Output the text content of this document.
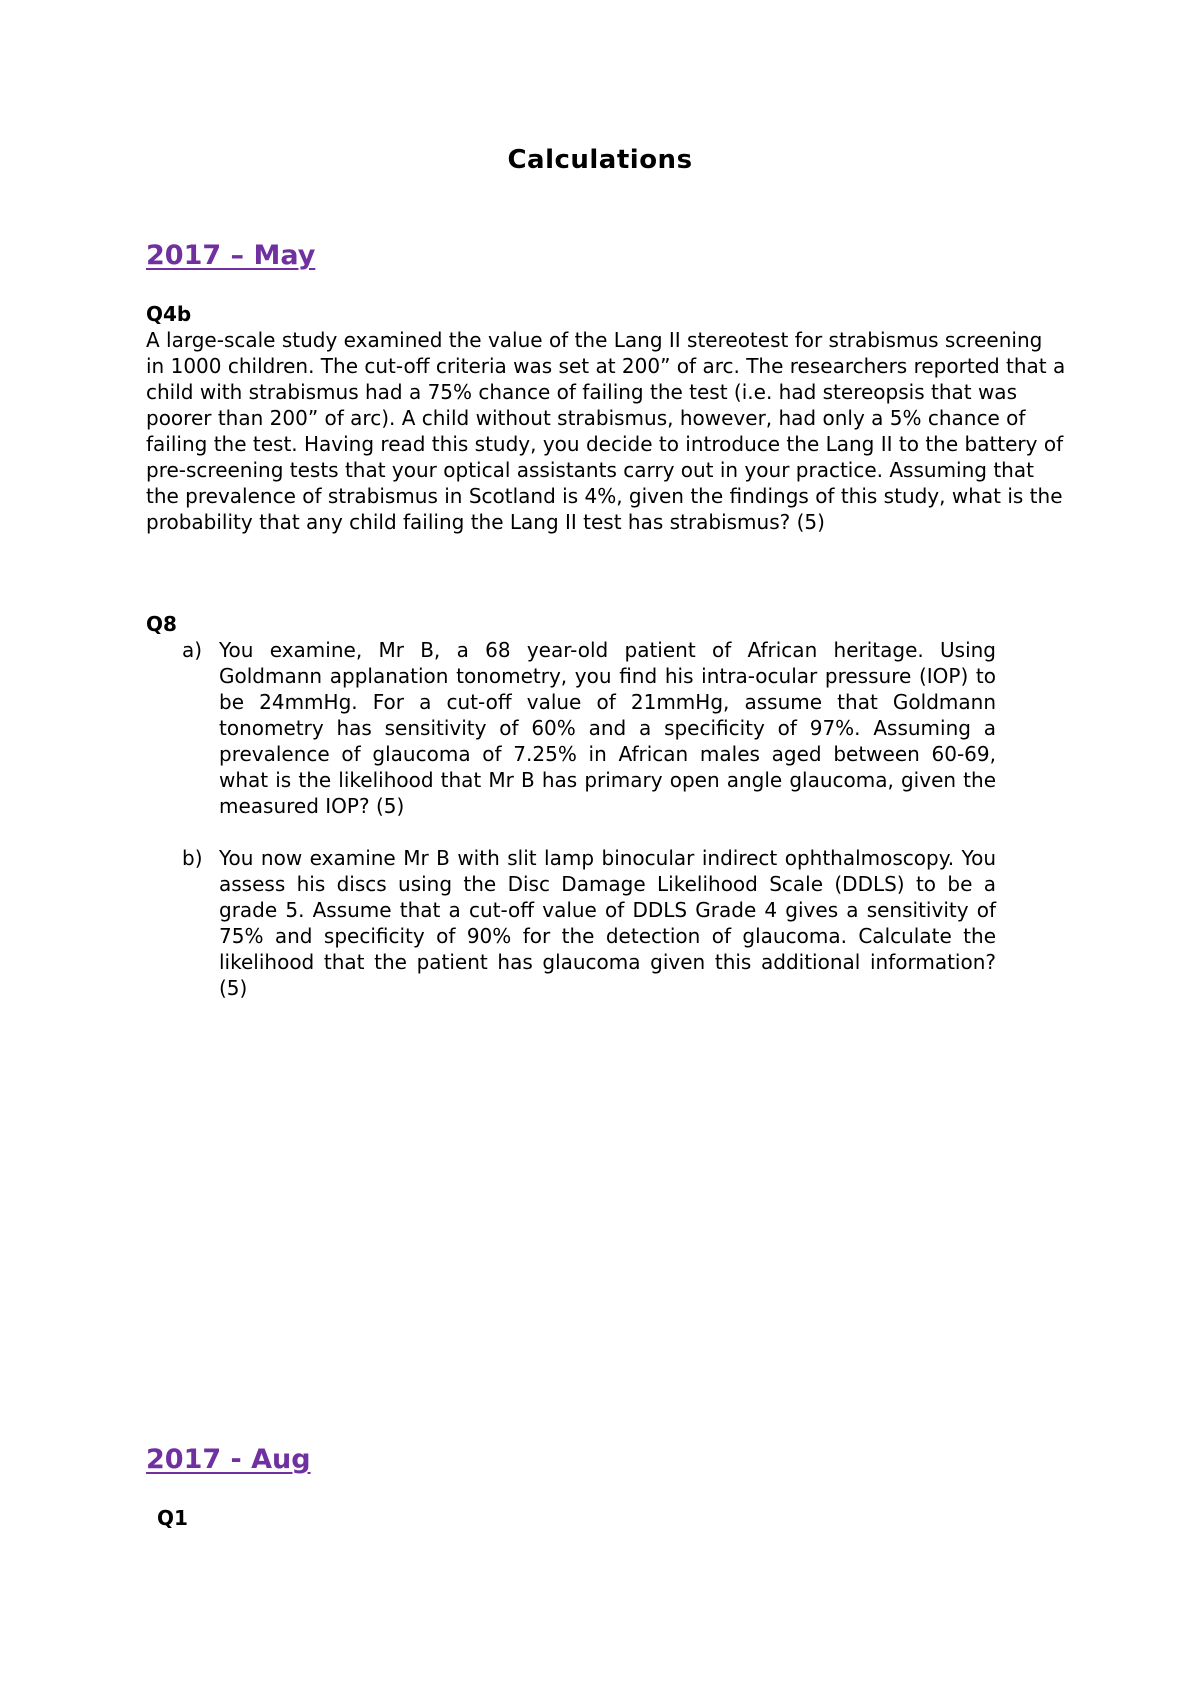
Calculations
2017 – May
Q4b

A large-scale study examined the value of the Lang II stereotest for strabismus screening in 1000 children. The cut-off criteria was set at 200” of arc. The researchers reported that a child with strabismus had a 75% chance of failing the test (i.e. had stereopsis that was poorer than 200” of arc). A child without strabismus, however, had only a 5% chance of failing the test. Having read this study, you decide to introduce the Lang II to the battery of pre-screening tests that your optical assistants carry out in your practice. Assuming that the prevalence of strabismus in Scotland is 4%, given the findings of this study, what is the probability that any child failing the Lang II test has strabismus? (5)

Q8
a) You examine, Mr B, a 68 year-old patient of African heritage. Using Goldmann applanation tonometry, you find his intra-ocular pressure (IOP) to be 24mmHg. For a cut-off value of 21mmHg, assume that Goldmann tonometry has sensitivity of 60% and a specificity of 97%. Assuming a prevalence of glaucoma of 7.25% in African males aged between 60-69, what is the likelihood that Mr B has primary open angle glaucoma, given the measured IOP? (5)
b) You now examine Mr B with slit lamp binocular indirect ophthalmoscopy. You assess his discs using the Disc Damage Likelihood Scale (DDLS) to be a grade 5. Assume that a cut-off value of DDLS Grade 4 gives a sensitivity of 75% and specificity of 90% for the detection of glaucoma. Calculate the likelihood that the patient has glaucoma given this additional information? (5)
2017 - Aug
Q1
